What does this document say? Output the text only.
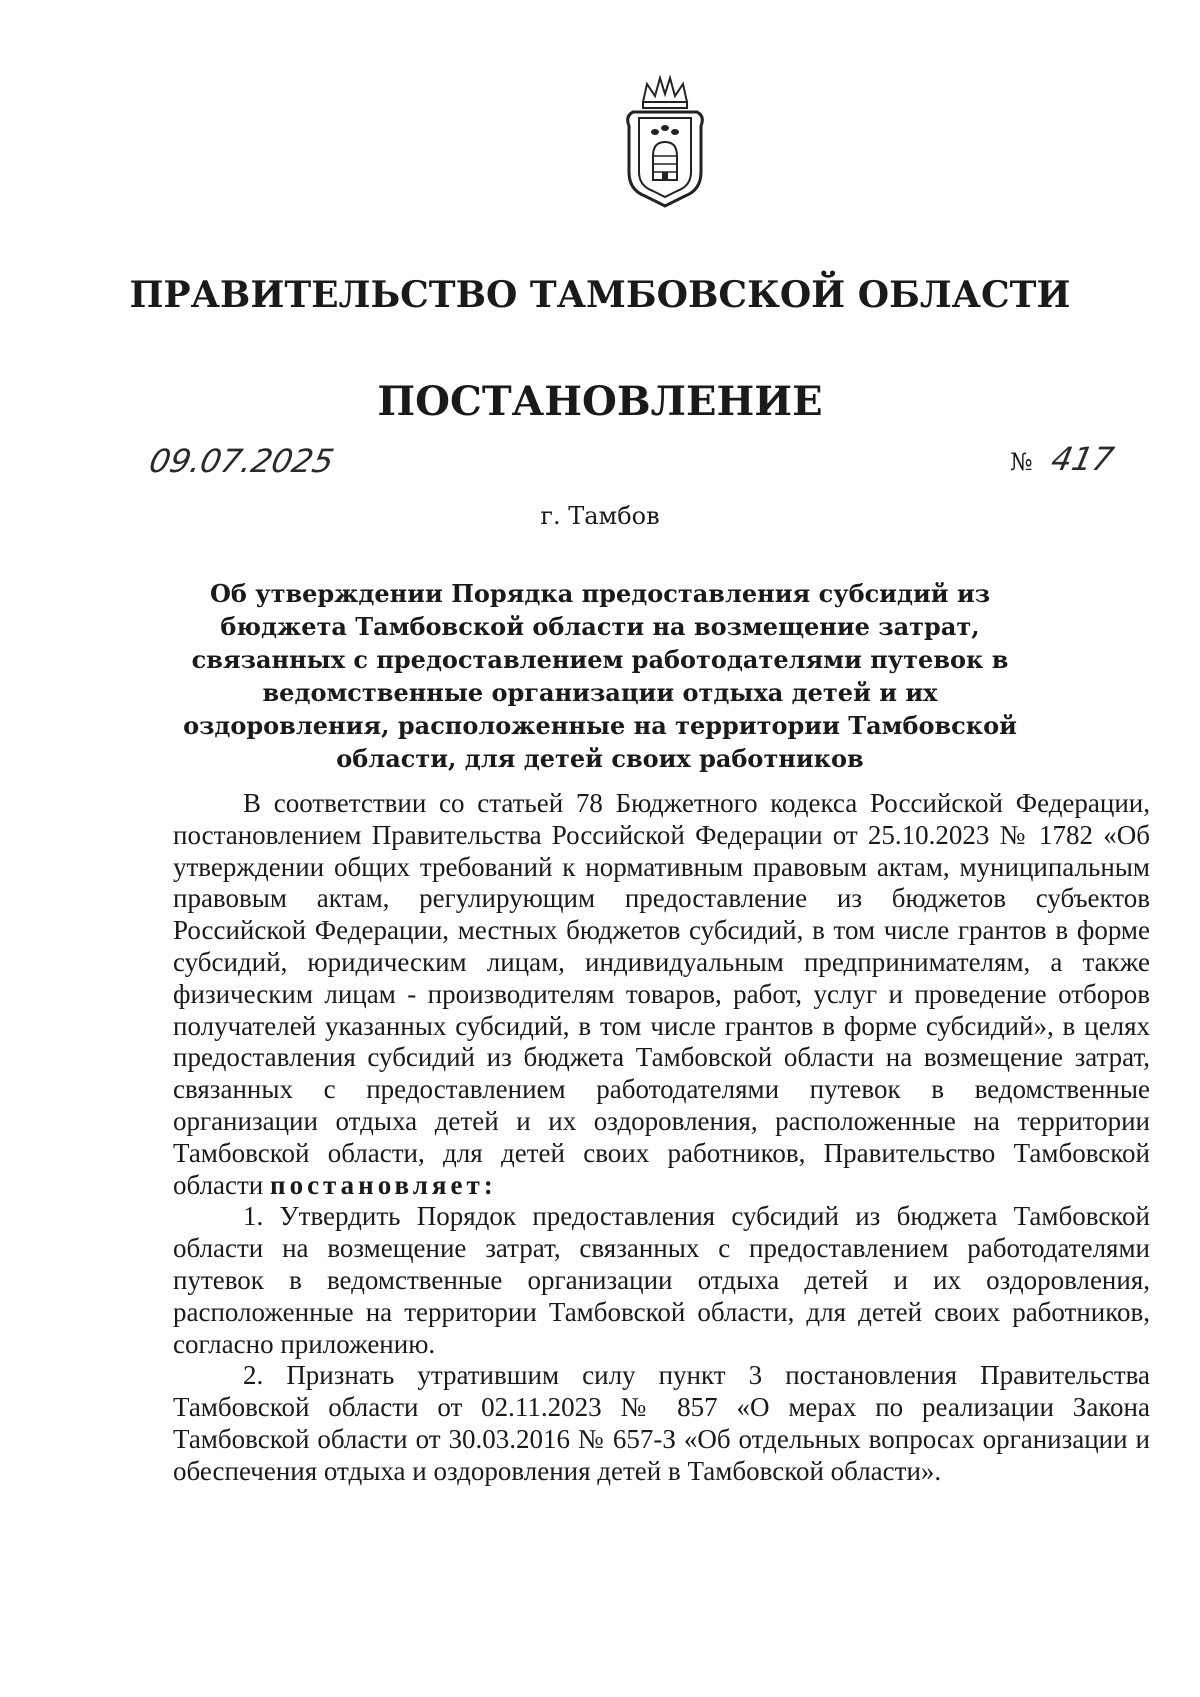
ПРАВИТЕЛЬСТВО ТАМБОВСКОЙ ОБЛАСТИ
ПОСТАНОВЛЕНИЕ
09.07.2025	№ 417
г. Тамбов
Об утверждении Порядка предоставления субсидий из бюджета Тамбовской области на возмещение затрат, связанных с предоставлением работодателями путевок в ведомственные организации отдыха детей и их оздоровления, расположенные на территории Тамбовской области, для детей своих работников

В соответствии со статьей 78 Бюджетного кодекса Российской Федерации, постановлением Правительства Российской Федерации от 25.10.2023 № 1782 «Об утверждении общих требований к нормативным правовым актам, муниципальным правовым актам, регулирующим предоставление из бюджетов субъектов Российской Федерации, местных бюджетов субсидий, в том числе грантов в форме субсидий, юридическим лицам, индивидуальным предпринимателям, а также физическим лицам - производителям товаров, работ, услуг и проведение отборов получателей указанных субсидий, в том числе грантов в форме субсидий», в целях предоставления субсидий из бюджета Тамбовской области на возмещение затрат, связанных с предоставлением работодателями путевок в ведомственные организации отдыха детей и их оздоровления, расположенные на территории Тамбовской области, для детей своих работников, Правительство Тамбовской области постановляет:

1. Утвердить Порядок предоставления субсидий из бюджета Тамбовской области на возмещение затрат, связанных с предоставлением работодателями путевок в ведомственные организации отдыха детей и их оздоровления, расположенные на территории Тамбовской области, для детей своих работников, согласно приложению.

2. Признать утратившим силу пункт 3 постановления Правительства Тамбовской области от 02.11.2023 № 857 «О мерах по реализации Закона Тамбовской области от 30.03.2016 № 657-З «Об отдельных вопросах организации и обеспечения отдыха и оздоровления детей в Тамбовской области».
